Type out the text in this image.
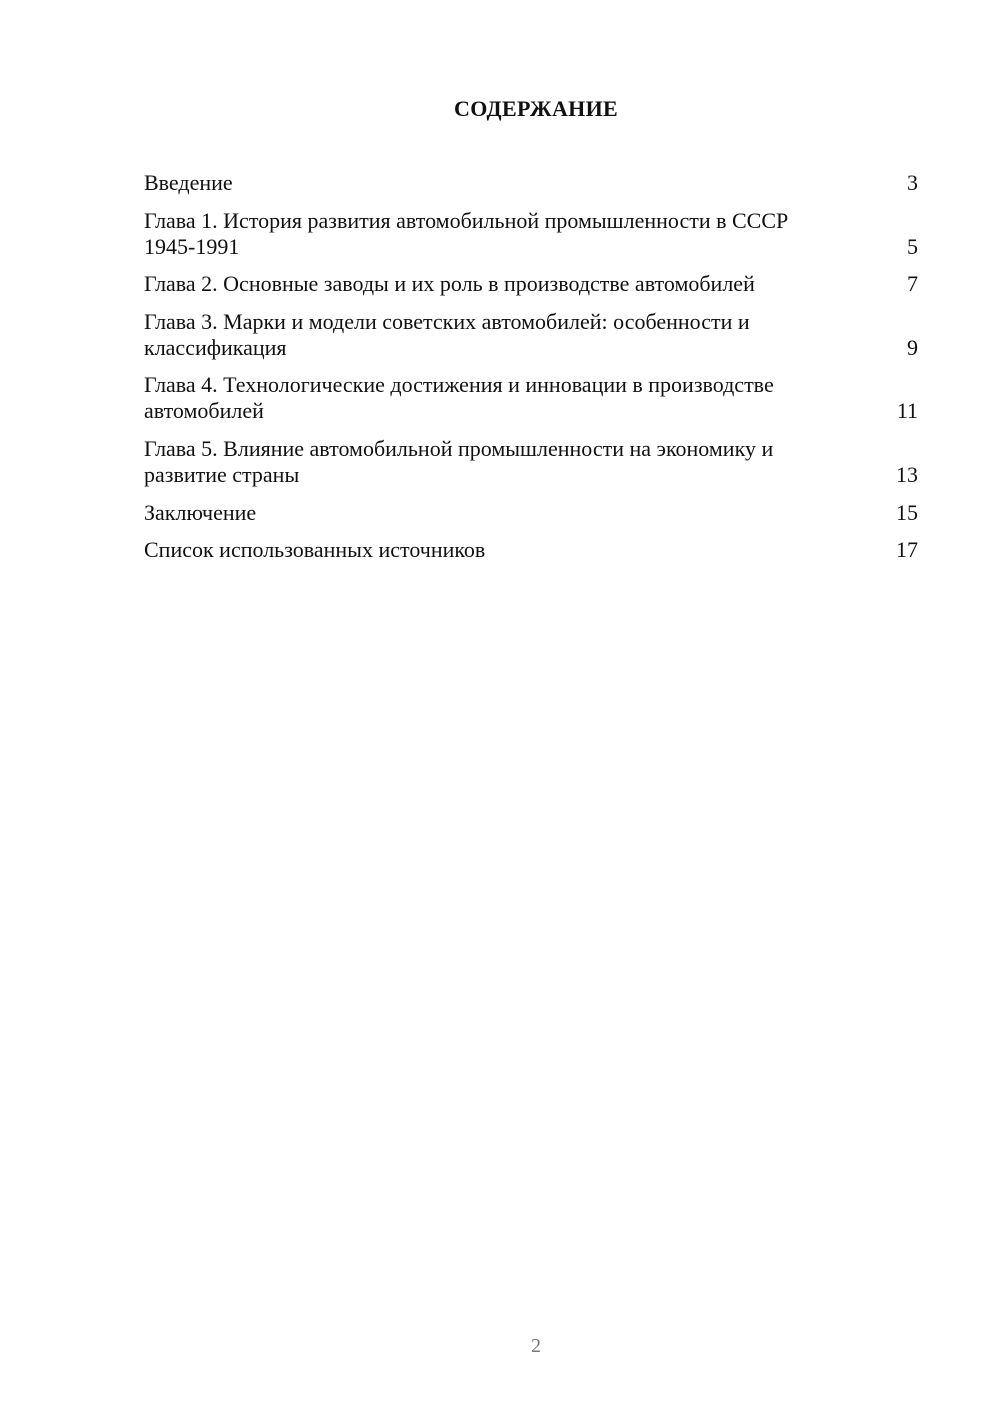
СОДЕРЖАНИЕ
Введение	3
Глава 1. История развития автомобильной промышленности в СССР 1945-1991	5
Глава 2. Основные заводы и их роль в производстве автомобилей	7
Глава 3. Марки и модели советских автомобилей: особенности и классификация	9
Глава 4. Технологические достижения и инновации в производстве автомобилей	11
Глава 5. Влияние автомобильной промышленности на экономику и развитие страны	13
Заключение	15
Список использованных источников	17
2
